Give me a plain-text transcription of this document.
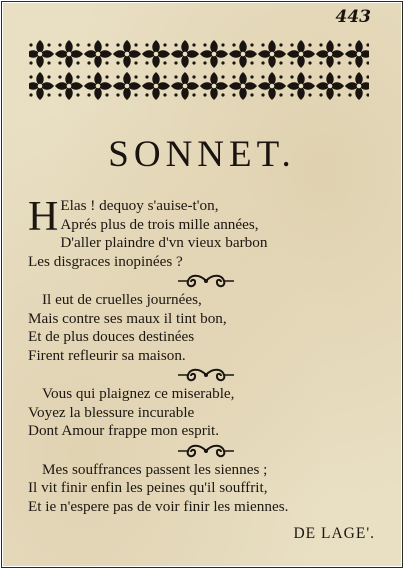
443
SONNET.
H Elas ! dequoy s'auise-t'on,
Aprés plus de trois mille années,
D'aller plaindre d'vn vieux barbon
Les disgraces inopinées ?
Il eut de cruelles journées,
Mais contre ses maux il tint bon,
Et de plus douces destinées
Firent refleurir sa maison.
Vous qui plaignez ce miserable,
Voyez la blessure incurable
Dont Amour frappe mon esprit.
Mes souffrances passent les siennes ;
Il vit finir enfin les peines qu'il souffrit,
Et ie n'espere pas de voir finir les miennes.
DE LAGE'.
